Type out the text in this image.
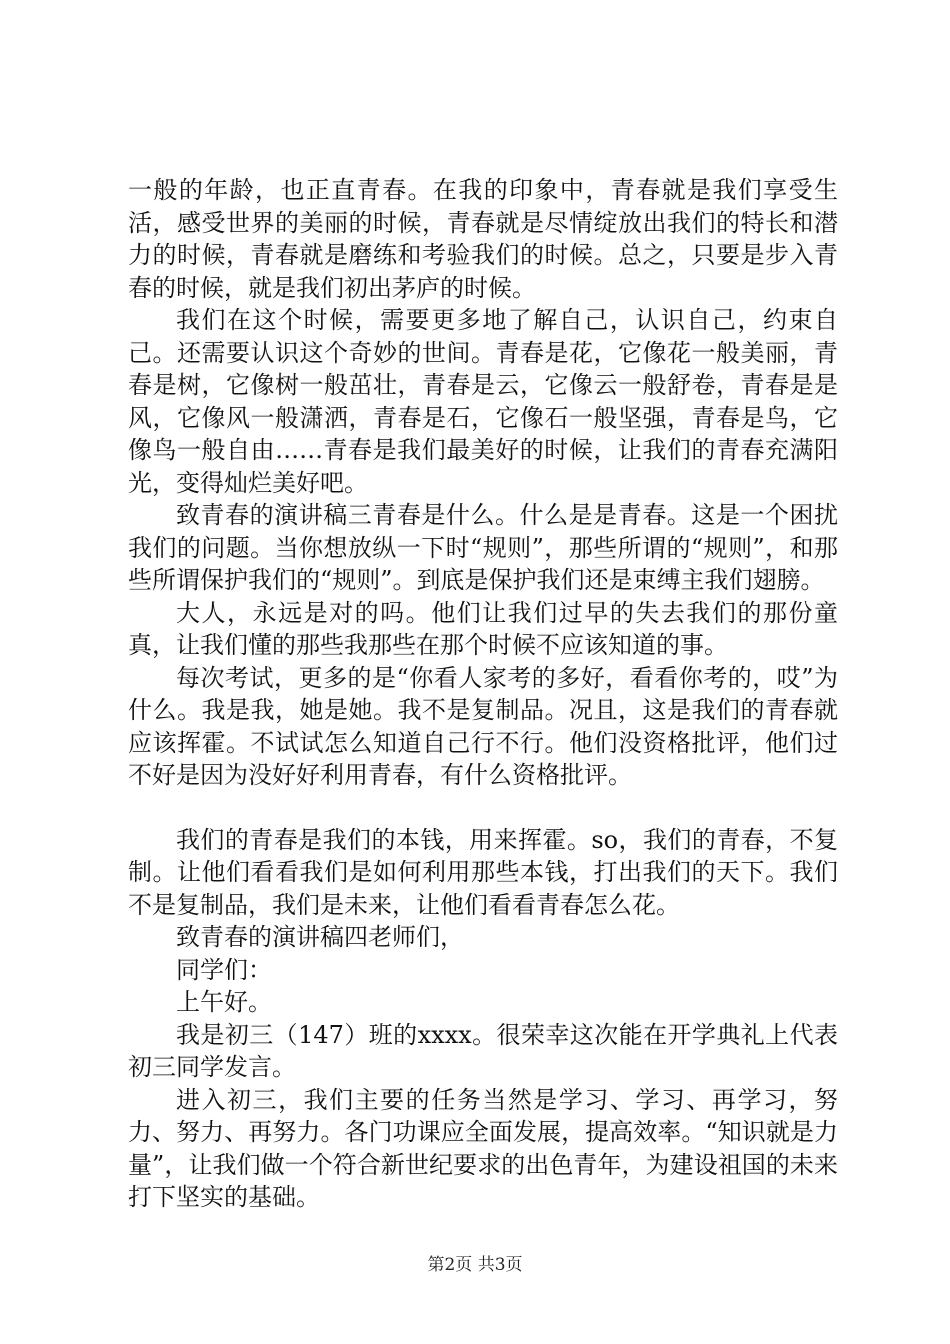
一般的年龄，也正直青春。在我的印象中，青春就是我们享受生活，感受世界的美丽的时候，青春就是尽情绽放出我们的特长和潜力的时候，青春就是磨练和考验我们的时候。总之，只要是步入青春的时候，就是我们初出茅庐的时候。

我们在这个时候，需要更多地了解自己，认识自己，约束自己。还需要认识这个奇妙的世间。青春是花，它像花一般美丽，青春是树，它像树一般茁壮，青春是云，它像云一般舒卷，青春是是风，它像风一般潇洒，青春是石，它像石一般坚强，青春是鸟，它像鸟一般自由……青春是我们最美好的时候，让我们的青春充满阳光，变得灿烂美好吧。

致青春的演讲稿三青春是什么。什么是是青春。这是一个困扰我们的问题。当你想放纵一下时“规则”，那些所谓的“规则”，和那些所谓保护我们的“规则”。到底是保护我们还是束缚主我们翅膀。

大人，永远是对的吗。他们让我们过早的失去我们的那份童真，让我们懂的那些我那些在那个时候不应该知道的事。

每次考试，更多的是“你看人家考的多好，看看你考的，哎”为什么。我是我，她是她。我不是复制品。况且，这是我们的青春就应该挥霍。不试试怎么知道自己行不行。他们没资格批评，他们过不好是因为没好好利用青春，有什么资格批评。

我们的青春是我们的本钱，用来挥霍。so，我们的青春，不复制。让他们看看我们是如何利用那些本钱，打出我们的天下。我们不是复制品，我们是未来，让他们看看青春怎么花。

致青春的演讲稿四老师们，

同学们：

上午好。

我是初三（147）班的xxxx。很荣幸这次能在开学典礼上代表初三同学发言。

进入初三，我们主要的任务当然是学习、学习、再学习，努力、努力、再努力。各门功课应全面发展，提高效率。“知识就是力量”，让我们做一个符合新世纪要求的出色青年，为建设祖国的未来打下坚实的基础。

第2页 共3页
